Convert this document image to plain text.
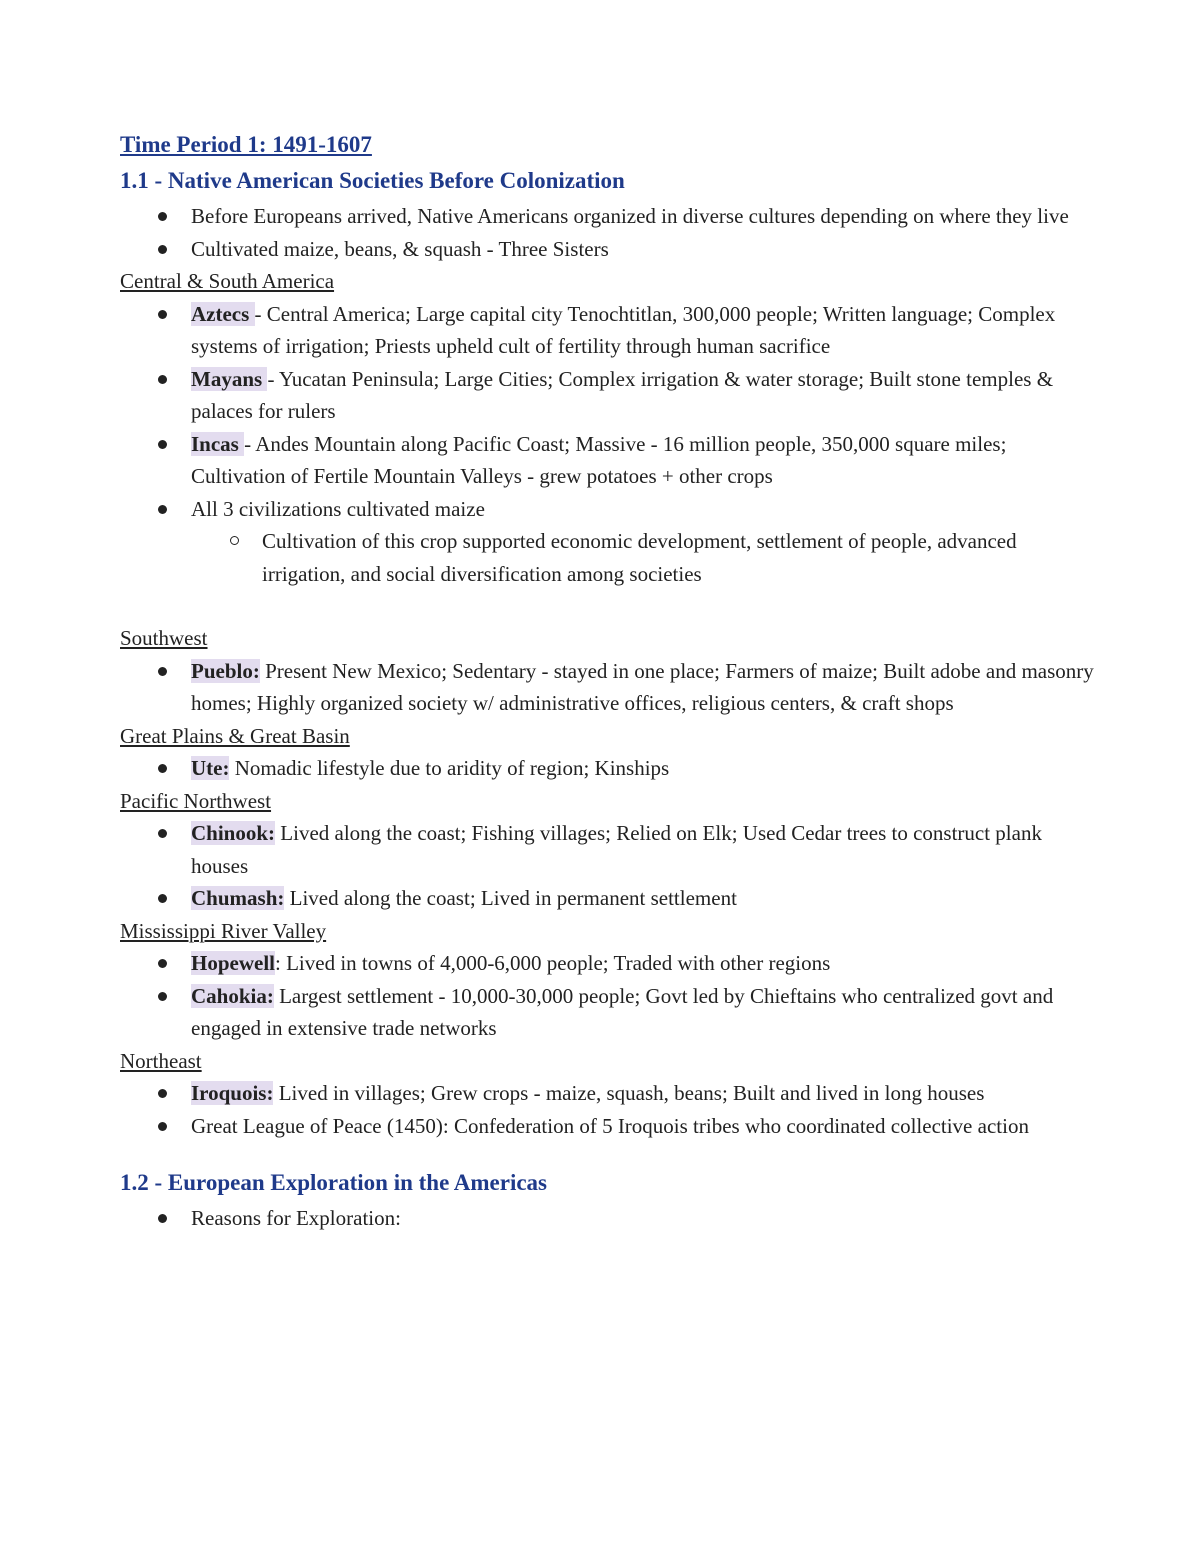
Time Period 1: 1491-1607
1.1 - Native American Societies Before Colonization
Before Europeans arrived, Native Americans organized in diverse cultures depending on where they live
Cultivated maize, beans, & squash - Three Sisters
Central & South America
Aztecs - Central America; Large capital city Tenochtitlan, 300,000 people; Written language; Complex systems of irrigation; Priests upheld cult of fertility through human sacrifice
Mayans - Yucatan Peninsula; Large Cities; Complex irrigation & water storage; Built stone temples & palaces for rulers
Incas - Andes Mountain along Pacific Coast; Massive - 16 million people, 350,000 square miles; Cultivation of Fertile Mountain Valleys - grew potatoes + other crops
All 3 civilizations cultivated maize
Cultivation of this crop supported economic development, settlement of people, advanced irrigation, and social diversification among societies
Southwest
Pueblo: Present New Mexico; Sedentary - stayed in one place; Farmers of maize; Built adobe and masonry homes; Highly organized society w/ administrative offices, religious centers, & craft shops
Great Plains & Great Basin
Ute: Nomadic lifestyle due to aridity of region; Kinships
Pacific Northwest
Chinook: Lived along the coast; Fishing villages; Relied on Elk; Used Cedar trees to construct plank houses
Chumash: Lived along the coast; Lived in permanent settlement
Mississippi River Valley
Hopewell: Lived in towns of 4,000-6,000 people; Traded with other regions
Cahokia: Largest settlement - 10,000-30,000 people; Govt led by Chieftains who centralized govt and engaged in extensive trade networks
Northeast
Iroquois: Lived in villages; Grew crops - maize, squash, beans; Built and lived in long houses
Great League of Peace (1450): Confederation of 5 Iroquois tribes who coordinated collective action
1.2 - European Exploration in the Americas
Reasons for Exploration:
